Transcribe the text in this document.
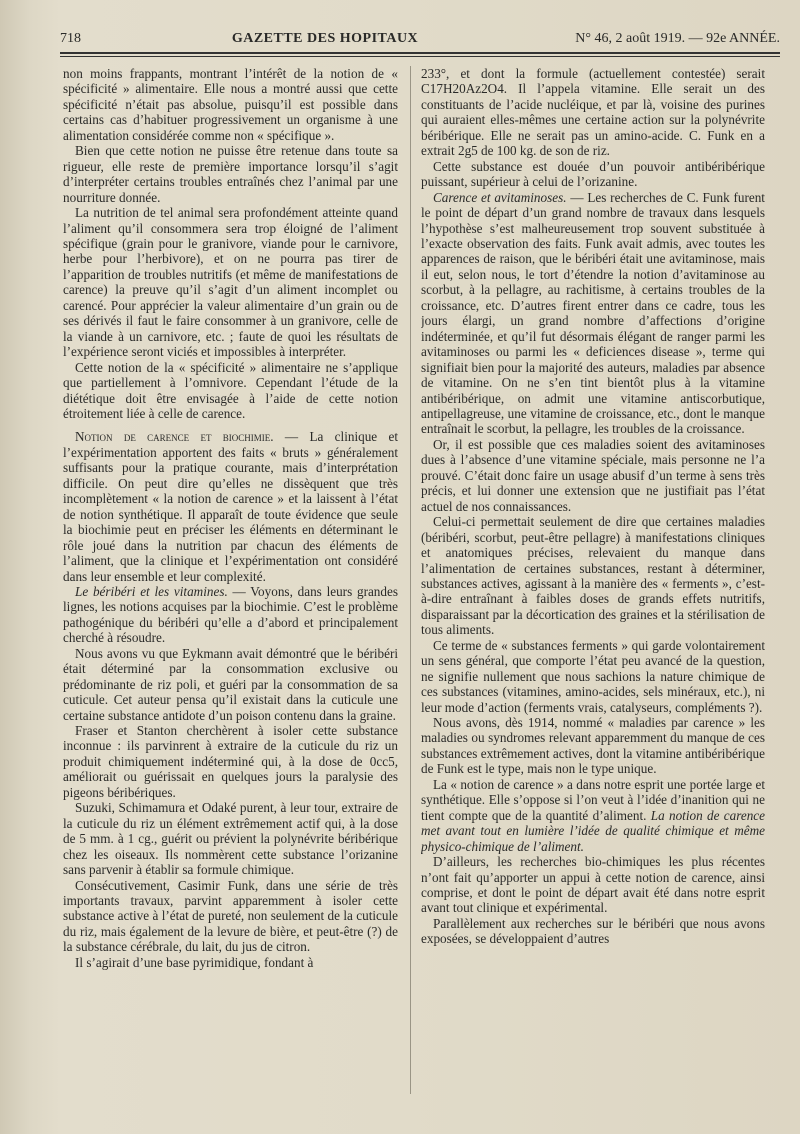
718	GAZETTE DES HOPITAUX	N° 46, 2 août 1919. — 92e ANNÉE.

non moins frappants, montrant l’intérêt de la notion de « spécificité » alimentaire. Elle nous a montré aussi que cette spécificité n’était pas absolue, puisqu’il est possible dans certains cas d’habituer progressivement un organisme à une alimentation considérée comme non « spécifique ».

Bien que cette notion ne puisse être retenue dans toute sa rigueur, elle reste de première importance lorsqu’il s’agit d’interpréter certains troubles entraînés chez l’animal par une nourriture donnée.

La nutrition de tel animal sera profondément atteinte quand l’aliment qu’il consommera sera trop éloigné de l’aliment spécifique (grain pour le granivore, viande pour le carnivore, herbe pour l’herbivore), et on ne pourra pas tirer de l’apparition de troubles nutritifs (et même de manifestations de carence) la preuve qu’il s’agit d’un aliment incomplet ou carencé. Pour apprécier la valeur alimentaire d’un grain ou de ses dérivés il faut le faire consommer à un granivore, celle de la viande à un carnivore, etc. ; faute de quoi les résultats de l’expérience seront viciés et impossibles à interpréter.

Cette notion de la « spécificité » alimentaire ne s’applique que partiellement à l’omnivore. Cependant l’étude de la diététique doit être envisagée à l’aide de cette notion étroitement liée à celle de carence.

Notion de carence et biochimie. — La clinique et l’expérimentation apportent des faits « bruts » généralement suffisants pour la pratique courante, mais d’interprétation difficile. On peut dire qu’elles ne dissèquent que très incomplètement « la notion de carence » et la laissent à l’état de notion synthétique. Il apparaît de toute évidence que seule la biochimie peut en préciser les éléments en déterminant le rôle joué dans la nutrition par chacun des éléments de l’aliment, que la clinique et l’expérimentation ont considéré dans leur ensemble et leur complexité.

Le béribéri et les vitamines. — Voyons, dans leurs grandes lignes, les notions acquises par la biochimie. C’est le problème pathogénique du béribéri qu’elle a d’abord et principalement cherché à résoudre.

Nous avons vu que Eykmann avait démontré que le béribéri était déterminé par la consommation exclusive ou prédominante de riz poli, et guéri par la consommation de sa cuticule. Cet auteur pensa qu’il existait dans la cuticule une certaine substance antidote d’un poison contenu dans la graine.

Fraser et Stanton cherchèrent à isoler cette substance inconnue : ils parvinrent à extraire de la cuticule du riz un produit chimiquement indéterminé qui, à la dose de 0cc5, améliorait ou guérissait en quelques jours la paralysie des pigeons béribériques.

Suzuki, Schimamura et Odaké purent, à leur tour, extraire de la cuticule du riz un élément extrêmement actif qui, à la dose de 5 mm. à 1 cg., guérit ou prévient la polynévrite béribérique chez les oiseaux. Ils nommèrent cette substance l’orizanine sans parvenir à établir sa formule chimique.

Consécutivement, Casimir Funk, dans une série de très importants travaux, parvint apparemment à isoler cette substance active à l’état de pureté, non seulement de la cuticule du riz, mais également de la levure de bière, et peut-être (?) de la substance cérébrale, du lait, du jus de citron.

Il s’agirait d’une base pyrimidique, fondant à

233°, et dont la formule (actuellement contestée) serait C17H20Az2O4. Il l’appela vitamine. Elle serait un des constituants de l’acide nucléique, et par là, voisine des purines qui auraient elles-mêmes une certaine action sur la polynévrite béribérique. Elle ne serait pas un amino-acide. C. Funk en a extrait 2g5 de 100 kg. de son de riz.

Cette substance est douée d’un pouvoir antibéribérique puissant, supérieur à celui de l’orizanine.

Carence et avitaminoses. — Les recherches de C. Funk furent le point de départ d’un grand nombre de travaux dans lesquels l’hypothèse s’est malheureusement trop souvent substituée à l’exacte observation des faits. Funk avait admis, avec toutes les apparences de raison, que le béribéri était une avitaminose, mais il eut, selon nous, le tort d’étendre la notion d’avitaminose au scorbut, à la pellagre, au rachitisme, à certains troubles de la croissance, etc. D’autres firent entrer dans ce cadre, tous les jours élargi, un grand nombre d’affections d’origine indéterminée, et qu’il fut désormais élégant de ranger parmi les avitaminoses ou parmi les « deficiences disease », terme qui signifiait bien pour la majorité des auteurs, maladies par absence de vitamine. On ne s’en tint bientôt plus à la vitamine antibéribérique, on admit une vitamine antiscorbutique, antipellagreuse, une vitamine de croissance, etc., dont le manque entraînait le scorbut, la pellagre, les troubles de la croissance.

Or, il est possible que ces maladies soient des avitaminoses dues à l’absence d’une vitamine spéciale, mais personne ne l’a prouvé. C’était donc faire un usage abusif d’un terme à sens très précis, et lui donner une extension que ne justifiait pas l’état actuel de nos connaissances.

Celui-ci permettait seulement de dire que certaines maladies (béribéri, scorbut, peut-être pellagre) à manifestations cliniques et anatomiques précises, relevaient du manque dans l’alimentation de certaines substances, restant à déterminer, substances actives, agissant à la manière des « ferments », c’est-à-dire entraînant à faibles doses de grands effets nutritifs, disparaissant par la décortication des graines et la stérilisation de tous aliments.

Ce terme de « substances ferments » qui garde volontairement un sens général, que comporte l’état peu avancé de la question, ne signifie nullement que nous sachions la nature chimique de ces substances (vitamines, amino-acides, sels minéraux, etc.), ni leur mode d’action (ferments vrais, catalyseurs, compléments ?).

Nous avons, dès 1914, nommé « maladies par carence » les maladies ou syndromes relevant apparemment du manque de ces substances extrêmement actives, dont la vitamine antibéribérique de Funk est le type, mais non le type unique.

La « notion de carence » a dans notre esprit une portée large et synthétique. Elle s’oppose si l’on veut à l’idée d’inanition qui ne tient compte que de la quantité d’aliment. La notion de carence met avant tout en lumière l’idée de qualité chimique et même physico-chimique de l’aliment.

D’ailleurs, les recherches bio-chimiques les plus récentes n’ont fait qu’apporter un appui à cette notion de carence, ainsi comprise, et dont le point de départ avait été dans notre esprit avant tout clinique et expérimental.

Parallèlement aux recherches sur le béribéri que nous avons exposées, se développaient d’autres
